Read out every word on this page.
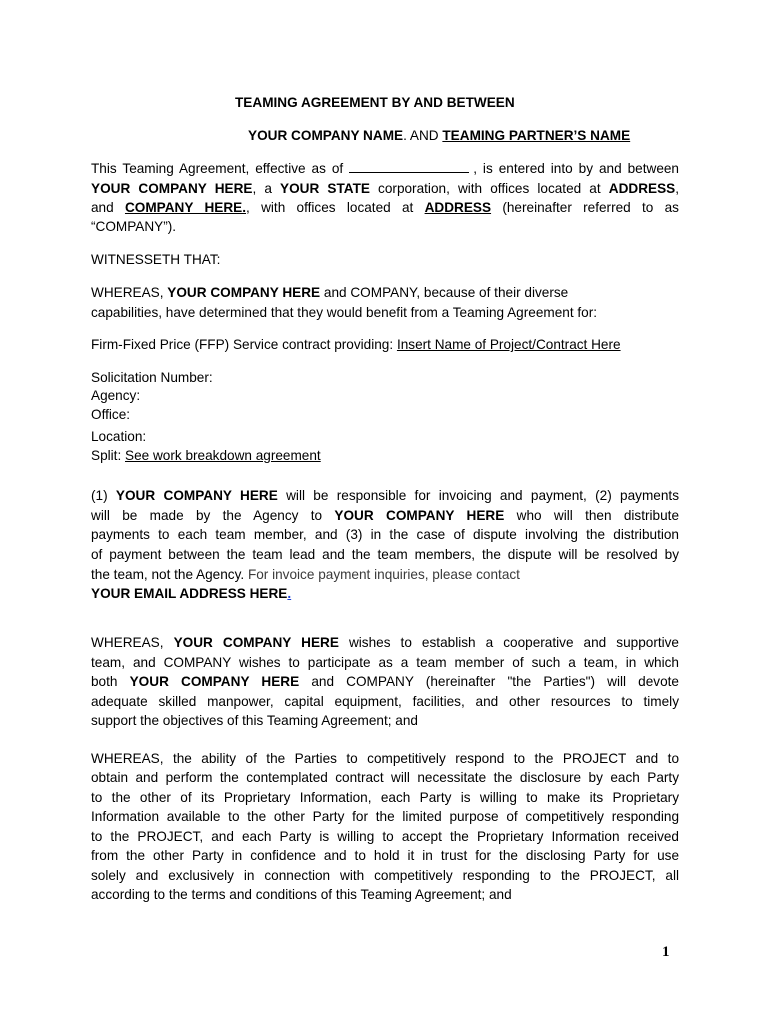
TEAMING AGREEMENT BY AND BETWEEN
YOUR COMPANY NAME. AND TEAMING PARTNER’S NAME
This Teaming Agreement, effective as of	, is entered into by and between
YOUR COMPANY HERE, a YOUR STATE corporation, with offices located at ADDRESS,
and COMPANY HERE., with offices located at ADDRESS (hereinafter referred to as
“COMPANY”).
WITNESSETH THAT:
WHEREAS, YOUR COMPANY HERE and COMPANY, because of their diverse
capabilities, have determined that they would benefit from a Teaming Agreement for:
Firm-Fixed Price (FFP) Service contract providing: Insert Name of Project/Contract Here
Solicitation Number:
Agency:
Office:
Location:
Split: See work breakdown agreement
(1) YOUR COMPANY HERE will be responsible for invoicing and payment, (2) payments
will be made by the Agency to YOUR COMPANY HERE who will then distribute
payments to each team member, and (3) in the case of dispute involving the distribution
of payment between the team lead and the team members, the dispute will be resolved by
the team, not the Agency. For invoice payment inquiries, please contact
YOUR EMAIL ADDRESS HERE.
WHEREAS, YOUR COMPANY HERE wishes to establish a cooperative and supportive
team, and COMPANY wishes to participate as a team member of such a team, in which
both YOUR COMPANY HERE and COMPANY (hereinafter "the Parties") will devote
adequate skilled manpower, capital equipment, facilities, and other resources to timely
support the objectives of this Teaming Agreement; and
WHEREAS, the ability of the Parties to competitively respond to the PROJECT and to
obtain and perform the contemplated contract will necessitate the disclosure by each Party
to the other of its Proprietary Information, each Party is willing to make its Proprietary
Information available to the other Party for the limited purpose of competitively responding
to the PROJECT, and each Party is willing to accept the Proprietary Information received
from the other Party in confidence and to hold it in trust for the disclosing Party for use
solely and exclusively in connection with competitively responding to the PROJECT, all
according to the terms and conditions of this Teaming Agreement; and
1
